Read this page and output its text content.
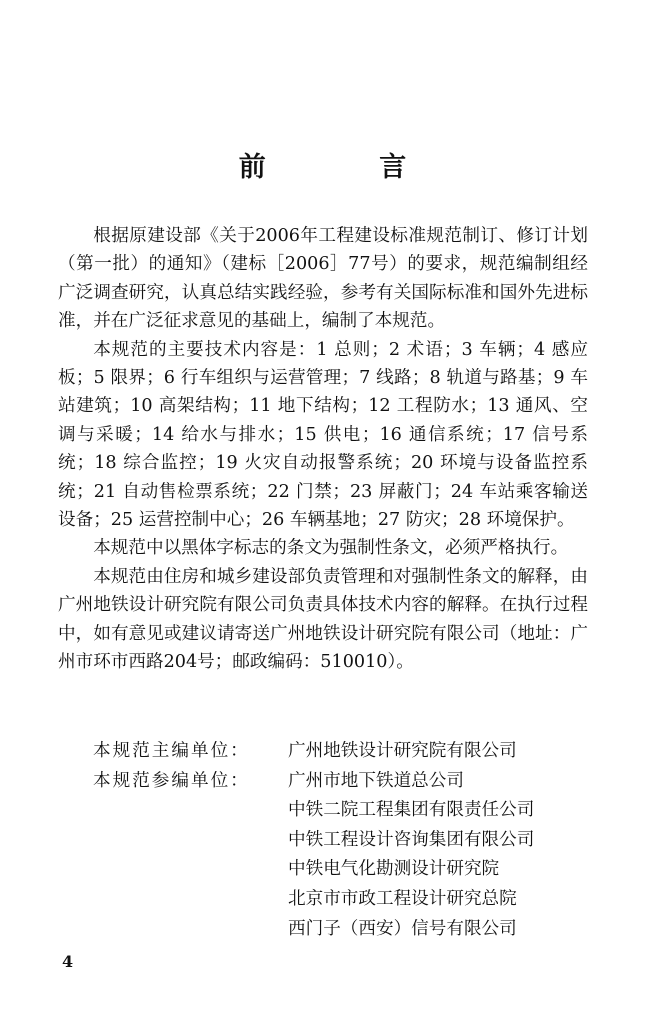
前 言

根据原建设部《关于2006年工程建设标准规范制订、修订计划（第一批）的通知》（建标［2006］77号）的要求，规范编制组经广泛调查研究，认真总结实践经验，参考有关国际标准和国外先进标准，并在广泛征求意见的基础上，编制了本规范。

本规范的主要技术内容是：1 总则；2 术语；3 车辆；4 感应板；5 限界；6 行车组织与运营管理；7 线路；8 轨道与路基；9 车站建筑；10 高架结构；11 地下结构；12 工程防水；13 通风、空调与采暖；14 给水与排水；15 供电；16 通信系统；17 信号系统；18 综合监控；19 火灾自动报警系统；20 环境与设备监控系统；21 自动售检票系统；22 门禁；23 屏蔽门；24 车站乘客输送设备；25 运营控制中心；26 车辆基地；27 防灾；28 环境保护。

本规范中以黑体字标志的条文为强制性条文，必须严格执行。

本规范由住房和城乡建设部负责管理和对强制性条文的解释，由广州地铁设计研究院有限公司负责具体技术内容的解释。在执行过程中，如有意见或建议请寄送广州地铁设计研究院有限公司（地址：广州市环市西路204号；邮政编码：510010）。

本规范主编单位：	广州地铁设计研究院有限公司
本规范参编单位：	广州市地下铁道总公司
中铁二院工程集团有限责任公司
中铁工程设计咨询集团有限公司
中铁电气化勘测设计研究院
北京市市政工程设计研究总院
西门子（西安）信号有限公司
4
